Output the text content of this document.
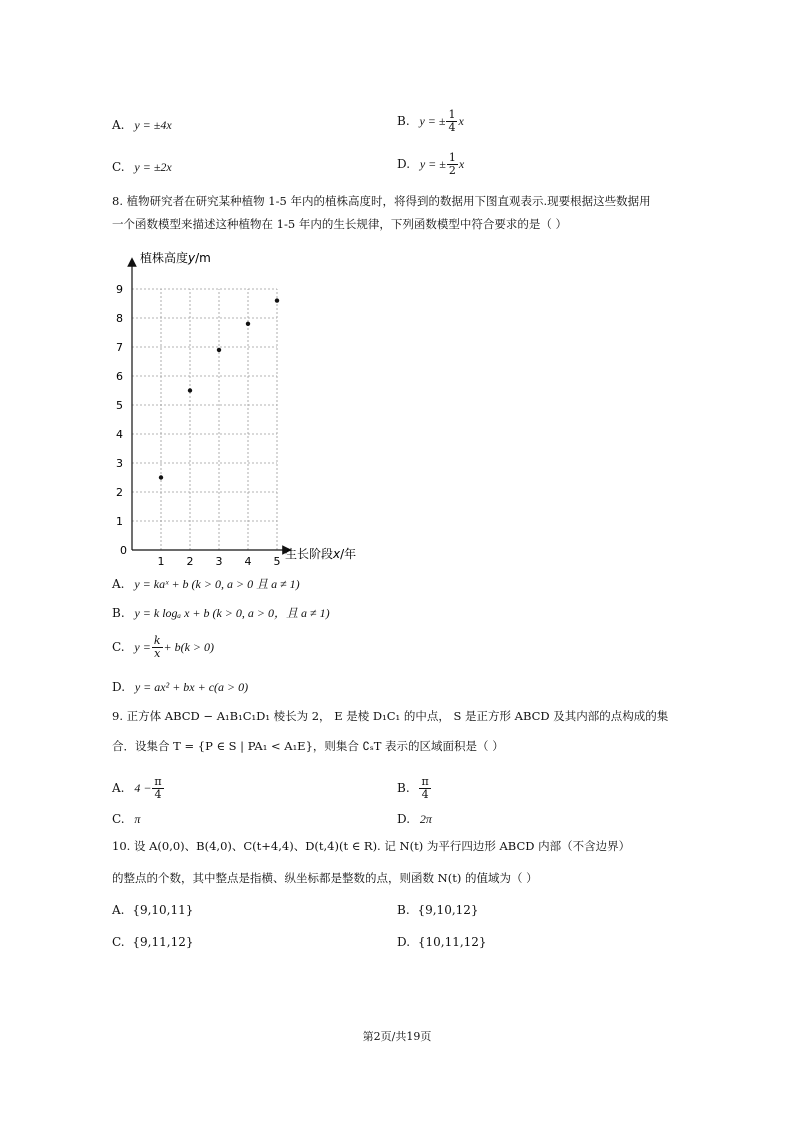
A. y = ±4x	B. y = ± $\frac{1}{4}$ x
C. y = ±2x	D. y = ± $\frac{1}{2}$ x
8. 植物研究者在研究某种植物 1-5 年内的植株高度时，将得到的数据用下图直观表示.现要根据这些数据用
一个函数模型来描述这种植物在 1-5 年内的生长规律，下列函数模型中符合要求的是（ ）
1 2 3 4 5
1
2
3
4
5
6
7
8
9
植株高度y/m
生长阶段x/年
0
A. y = kaˣ + b (k > 0, a > 0 且 a ≠ 1)
B. y = k logₐ x + b (k > 0, a > 0，且 a ≠ 1)
C. $y = \frac{k}{x} + b(k > 0)$
D. y = ax² + bx + c(a > 0)
9. 正方体 ABCD − A₁B₁C₁D₁ 棱长为 2， E 是棱 D₁C₁ 的中点， S 是正方形 ABCD 及其内部的点构成的集
合．设集合 T = {P ∈ S | PA₁ < A₁E}，则集合 ∁ₛT 表示的区域面积是（ ）
A. $4 - \frac{\pi}{4}$	B. $\frac{\pi}{4}$
C. π	D. 2π
10. 设 A(0,0)、B(4,0)、C(t+4,4)、D(t,4)(t ∈ R). 记 N(t) 为平行四边形 ABCD 内部（不含边界）
的整点的个数，其中整点是指横、纵坐标都是整数的点，则函数 N(t) 的值域为（ ）
A. {9,10,11}	B. {9,10,12}
C. {9,11,12}	D. {10,11,12}
第2页/共19页
